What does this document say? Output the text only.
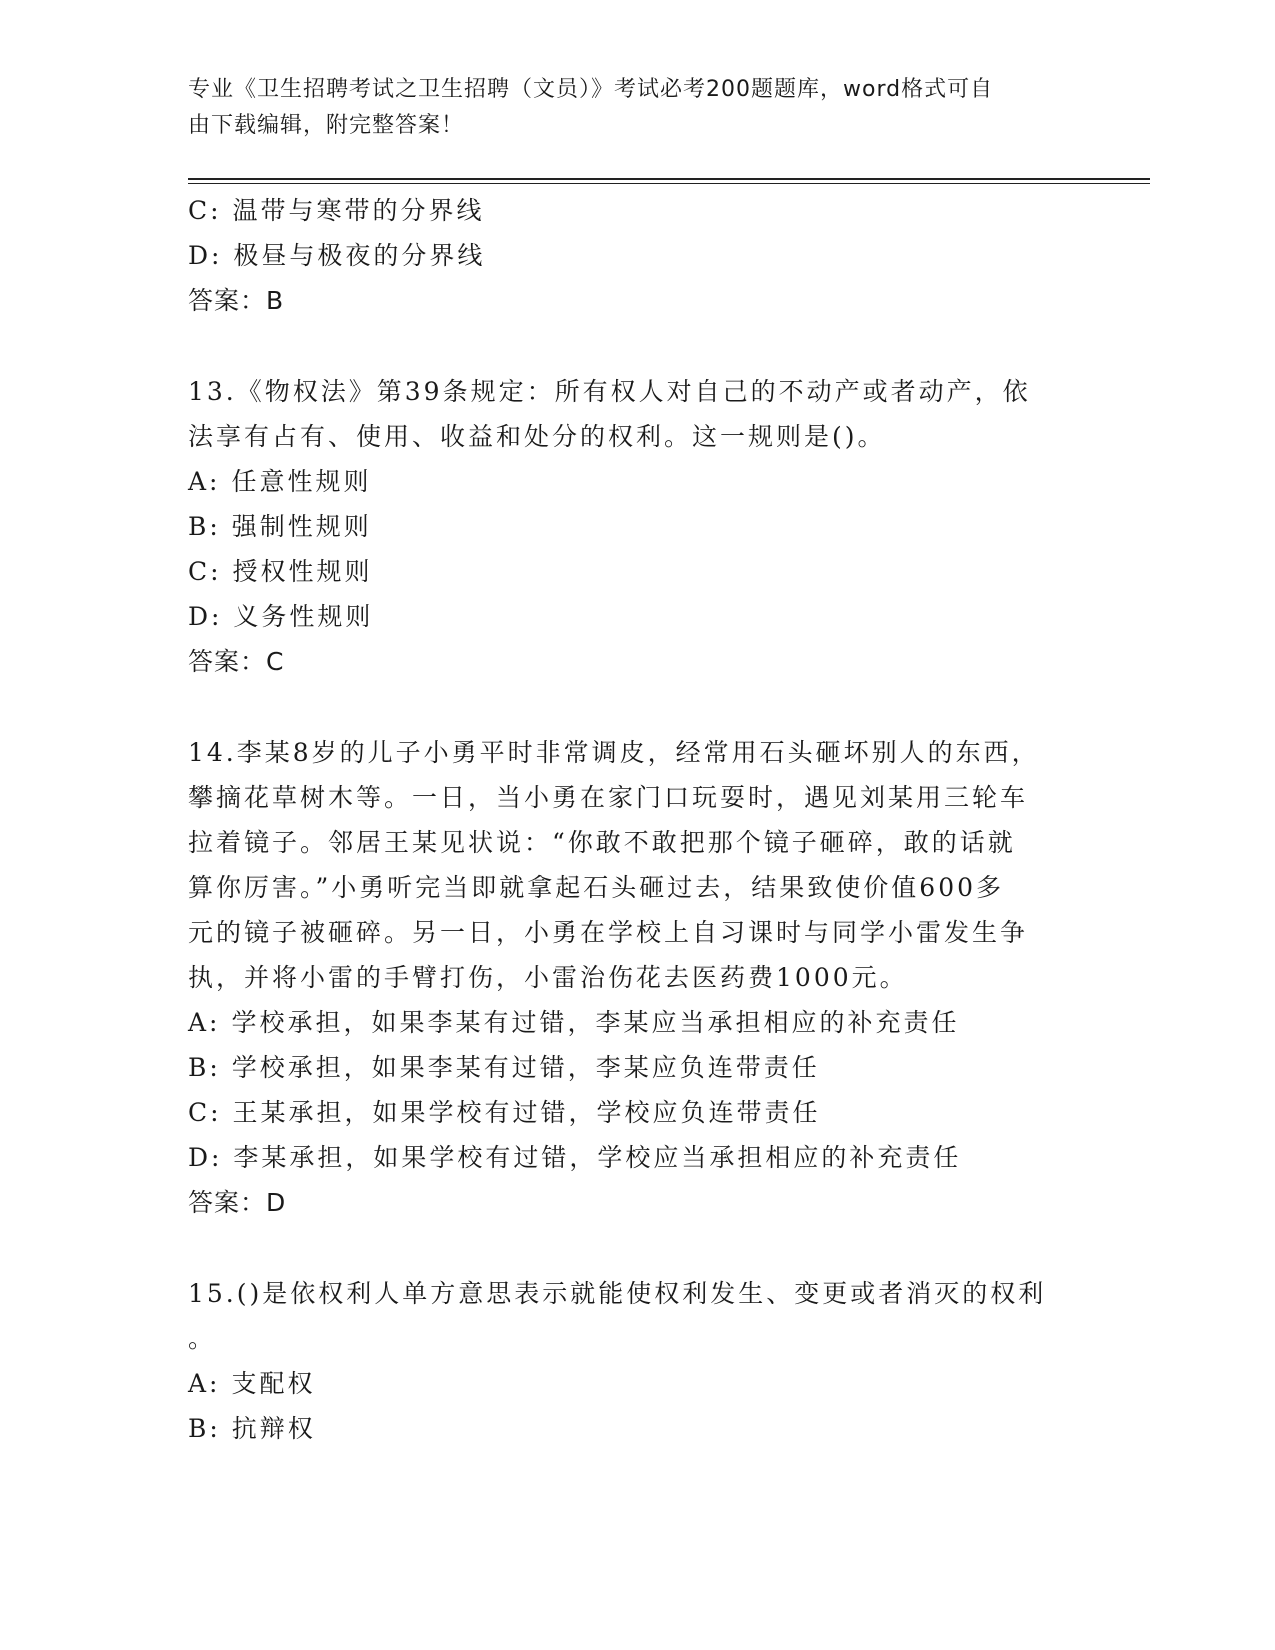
专业《卫生招聘考试之卫生招聘（文员）》考试必考200题题库，word格式可自
由下载编辑，附完整答案！
C: 温带与寒带的分界线
D: 极昼与极夜的分界线
答案：B
13.《物权法》第39条规定：所有权人对自己的不动产或者动产，依
法享有占有、使用、收益和处分的权利。这一规则是()。
A: 任意性规则
B: 强制性规则
C: 授权性规则
D: 义务性规则
答案：C
14.李某8岁的儿子小勇平时非常调皮，经常用石头砸坏别人的东西，
攀摘花草树木等。一日，当小勇在家门口玩耍时，遇见刘某用三轮车
拉着镜子。邻居王某见状说：“你敢不敢把那个镜子砸碎，敢的话就
算你厉害。”小勇听完当即就拿起石头砸过去，结果致使价值600多
元的镜子被砸碎。另一日，小勇在学校上自习课时与同学小雷发生争
执，并将小雷的手臂打伤，小雷治伤花去医药费1000元。
A: 学校承担，如果李某有过错，李某应当承担相应的补充责任
B: 学校承担，如果李某有过错，李某应负连带责任
C: 王某承担，如果学校有过错，学校应负连带责任
D: 李某承担，如果学校有过错，学校应当承担相应的补充责任
答案：D
15.()是依权利人单方意思表示就能使权利发生、变更或者消灭的权利
。
A: 支配权
B: 抗辩权
